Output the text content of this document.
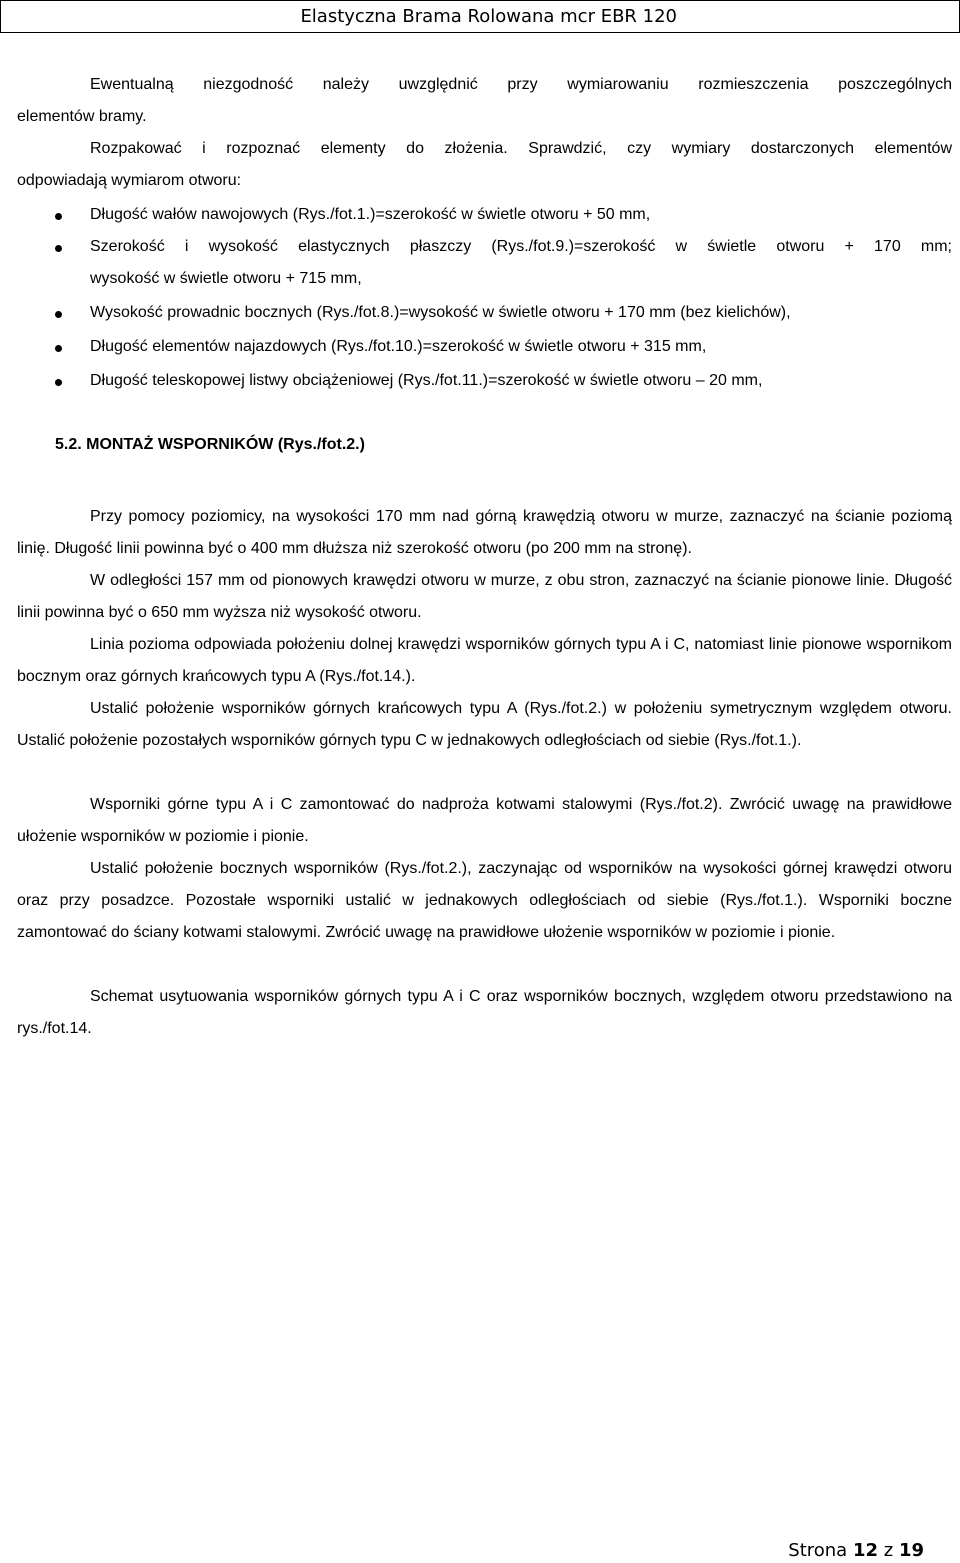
Elastyczna Brama Rolowana mcr EBR 120
Ewentualną niezgodność należy uwzględnić przy wymiarowaniu rozmieszczenia poszczególnych
elementów bramy.
Rozpakować i rozpoznać elementy do złożenia. Sprawdzić, czy wymiary dostarczonych elementów
odpowiadają wymiarom otworu:
Długość wałów nawojowych (Rys./fot.1.)=szerokość w świetle otworu + 50 mm,
Szerokość i wysokość elastycznych płaszczy (Rys./fot.9.)=szerokość w świetle otworu + 170 mm;
wysokość w świetle otworu + 715 mm,
Wysokość prowadnic bocznych (Rys./fot.8.)=wysokość w świetle otworu + 170 mm (bez kielichów),
Długość elementów najazdowych (Rys./fot.10.)=szerokość w świetle otworu + 315 mm,
Długość teleskopowej listwy obciążeniowej (Rys./fot.11.)=szerokość w świetle otworu – 20 mm,
5.2. MONTAŻ WSPORNIKÓW (Rys./fot.2.)
Przy pomocy poziomicy, na wysokości 170 mm nad górną krawędzią otworu w murze, zaznaczyć na ścianie poziomą linię. Długość linii powinna być o 400 mm dłuższa niż szerokość otworu (po 200 mm na stronę).
W odległości 157 mm od pionowych krawędzi otworu w murze, z obu stron, zaznaczyć na ścianie pionowe linie. Długość linii powinna być o 650 mm wyższa niż wysokość otworu.
Linia pozioma odpowiada położeniu dolnej krawędzi wsporników górnych typu A i C, natomiast linie pionowe wspornikom bocznym oraz górnych krańcowych typu A (Rys./fot.14.).
Ustalić położenie wsporników górnych krańcowych typu A (Rys./fot.2.) w położeniu symetrycznym względem otworu. Ustalić położenie pozostałych wsporników górnych typu C w jednakowych odległościach od siebie (Rys./fot.1.).
Wsporniki górne typu A i C zamontować do nadproża kotwami stalowymi (Rys./fot.2). Zwrócić uwagę na prawidłowe ułożenie wsporników w poziomie i pionie.
Ustalić położenie bocznych wsporników (Rys./fot.2.), zaczynając od wsporników na wysokości górnej krawędzi otworu oraz przy posadzce. Pozostałe wsporniki ustalić w jednakowych odległościach od siebie (Rys./fot.1.). Wsporniki boczne zamontować do ściany kotwami stalowymi. Zwrócić uwagę na prawidłowe ułożenie wsporników w poziomie i pionie.
Schemat usytuowania wsporników górnych typu A i C oraz wsporników bocznych, względem otworu przedstawiono na rys./fot.14.
Strona 12 z 19
